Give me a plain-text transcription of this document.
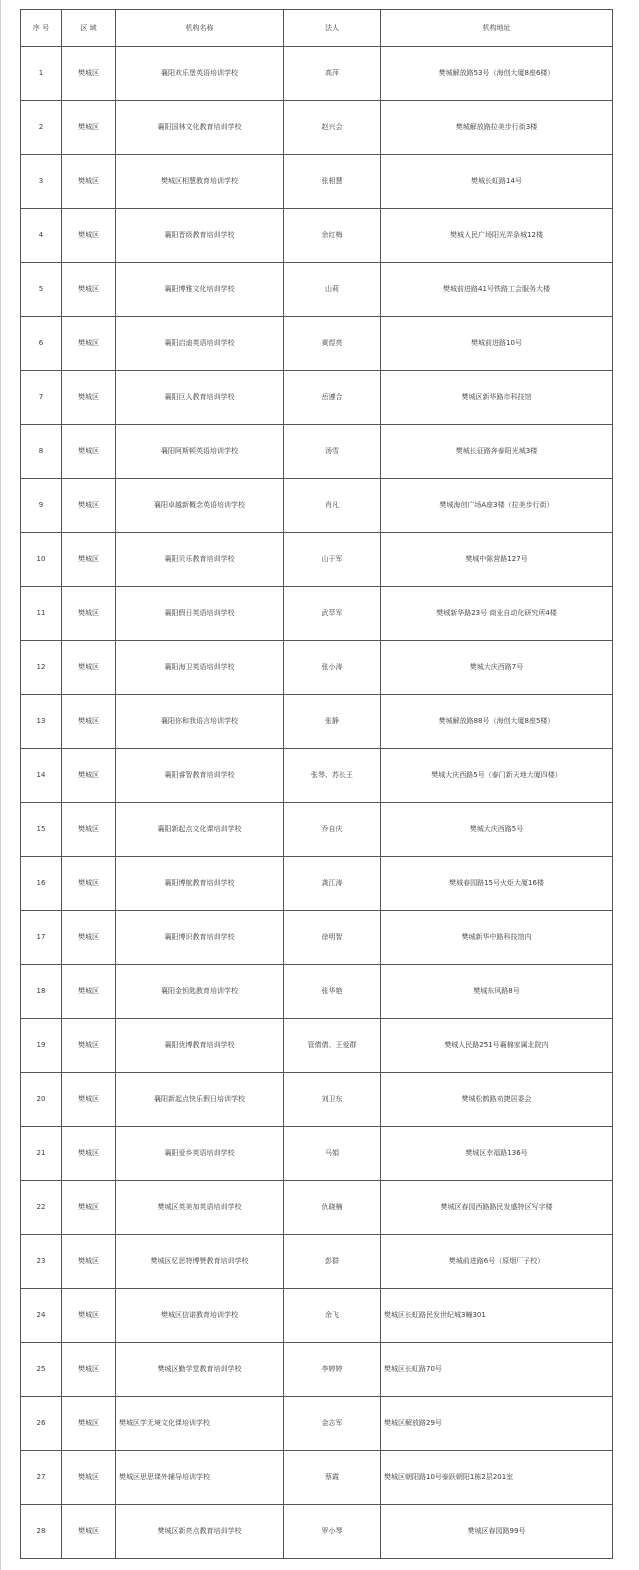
序 号	区 域	机构名称	法人	机构地址
1	樊城区	襄阳欢乐堡英语培训学校	高萍	樊城解放路53号（海创大厦8座6楼）
2	樊城区	襄阳国林文化教育培训学校	赵兴会	樊城解放路拉美步行街3楼
3	樊城区	樊城区相慧教育培训学校	张相慧	樊城长虹路14号
4	樊城区	襄阳晋级教育培训学校	余红梅	樊城人民广场阳光弄条城12楼
5	樊城区	襄阳博雅文化培训学校	山莉	樊城前进路41号铁路工会服务大楼
6	樊城区	襄阳启迪英语培训学校	黄煜亮	樊城前进路10号
7	樊城区	襄阳巨人教育培训学校	岳遵合	樊城区新华路市科技馆
8	樊城区	襄阳阿斯顿英语培训学校	汤雪	樊城长征路奔泰阳光城3楼
9	樊城区	襄阳卓越新概念英语培训学校	肖凡	樊城海创广场A座3楼（拉美步行街）
10	樊城区	襄阳贝乐教育培训学校	山于军	樊城中陈营路127号
11	樊城区	襄阳假日英语培训学校	武萃军	樊城新华路23号 商业自动化研究所4楼
12	樊城区	襄阳海卫英语培训学校	张小涛	樊城大庆西路7号
13	樊城区	襄阳你和我语言培训学校	张静	樊城解放路88号（海创大厦8座5楼）
14	樊城区	襄阳睿智教育培训学校	张琴、苏长王	樊城大庆西路5号（泰门新天地大厦四楼）
15	樊城区	襄阳新起点文化课培训学校	乔自庆	樊城大庆西路5号
16	樊城区	襄阳博航教育培训学校	龚江涛	樊城春园路15号火炬大厦16楼
17	樊城区	襄阳博识教育培训学校	徐明智	樊城新华中路科技馆内
18	樊城区	襄阳金钥匙教育培训学校	张华艳	樊城东风路8号
19	樊城区	襄阳优博教育培训学校	管倩倩、王爱群	樊城人民路251号襄棉家属北院内
20	樊城区	襄阳新起点快乐假日培训学校	刘卫东	樊城松鹤路劝捷居委会
21	樊城区	襄阳爱乡英语培训学校	马娟	樊城区幸福路136号
22	樊城区	樊城区英美加英语培训学校	仇晓楠	樊城区春园西路路民发盛特区写字楼
23	樊城区	樊城区忆思特博赞教育培训学校	彭群	樊城前进路6号（原烟厂子校）
24	樊城区	樊城区信诺教育培训学校	余飞	樊城区长虹路民发世纪城3幢301
25	樊城区	樊城区勤学堂教育培训学校	李婷婷	樊城区长虹路70号
26	樊城区	樊城区学无境文化课培训学校	金志军	樊城区解放路29号
27	樊城区	樊城区思思课外辅导培训学校	蔡霞	樊城区朝阳路10号泰跃朝阳1栋2层201室
28	樊城区	樊城区新亮点教育培训学校	罗小琴	樊城区春园路99号
